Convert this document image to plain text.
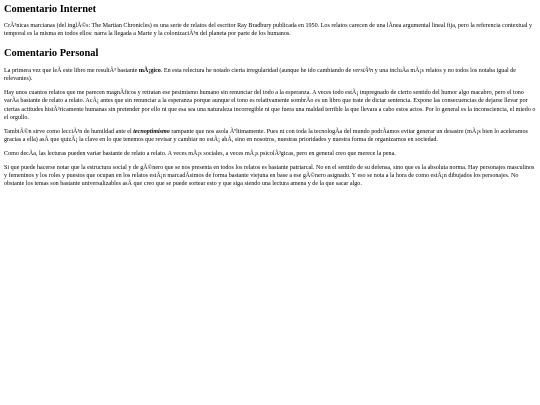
Comentario Internet

CrÃ³nicas marcianas (del inglÃ©s: The Martian Chronicles) es una serie de relatos del escritor Ray Bradbury publicada en 1950. Los relatos carecen de una lÃnea argumental lineal fija, pero la referencia contextual y temporal es la misma en todos ellos: narra la llegada a Marte y la colonizaciÃ³n del planeta por parte de los humanos.

Comentario Personal

La primera vez que leÃ este libro me resultÃ³ bastante mÃ¡gico. En esta relectura he notado cierta irregularidad (aunque he ido cambiando de versiÃ³n y una incluÃa mÃ¡s relatos y no todos los notaba igual de relevantes).

Hay unos cuantos relatos que me parecen magnÃficos y retratan ese pesimismo humano sin renunciar del todo a la esperanza. A veces todo estÃ¡ impregnado de cierto sentido del humor algo macabro, pero el tono varÃa bastante de relato a relato. AcÃ¡ antes que sin renunciar a la esperanza porque aunque el tono es relativamente sombrÃo es un libro que trate de dictar sentencia. Expone las consecuencias de dejarse llevar por ciertas actitudes histÃ³ricamente humanas sin pretender por ello ni que esa sea una naturaleza incorregible ni que fuera una maldad terrible la que llevara a cabo estos actos. Por lo general es la inconsciencia, el miedo o el orgullo.

TambiÃ©n sirve como lecciÃ³n de humildad ante el tecnoptimismo rampante que nos asola Ãºltimamente. Pues ni con toda la tecnologÃa del mundo podrÃamos evitar generar un desastre (mÃ¡s bien lo aceleramos gracias a ella) asÃ que quizÃ¡ la clave en lo que tenemos que revisar y cambiar no estÃ¡ ahÃ, sino en nosotros, nuestras prioridades y nuestra forma de organizarnos en sociedad.

Como decÃa, las lecturas pueden variar bastante de relato a relato. A veces mÃ¡s sociales, a veces mÃ¡s psicolÃ³gicas, pero en general creo que merece la pena.

Si que puede hacerse notar que la estructura social y de gÃ©nero que se nos presenta en todos los relatos es bastante patriarcal. No en el sentido de su defensa, sino que es la absoluta norma. Hay personajes masculinos y femeninos y los roles y puestos que ocupan en los relatos estÃ¡n marcadÃsimos de forma bastante viejuna en base a ese gÃ©nero asignado. Y eso se nota a la hora de como estÃ¡n dibujados los personajes. No obstante los temas son bastante universalizables asÃ que creo que se puede sortear esto y que siga siendo una lectura amena y de la que sacar algo.
